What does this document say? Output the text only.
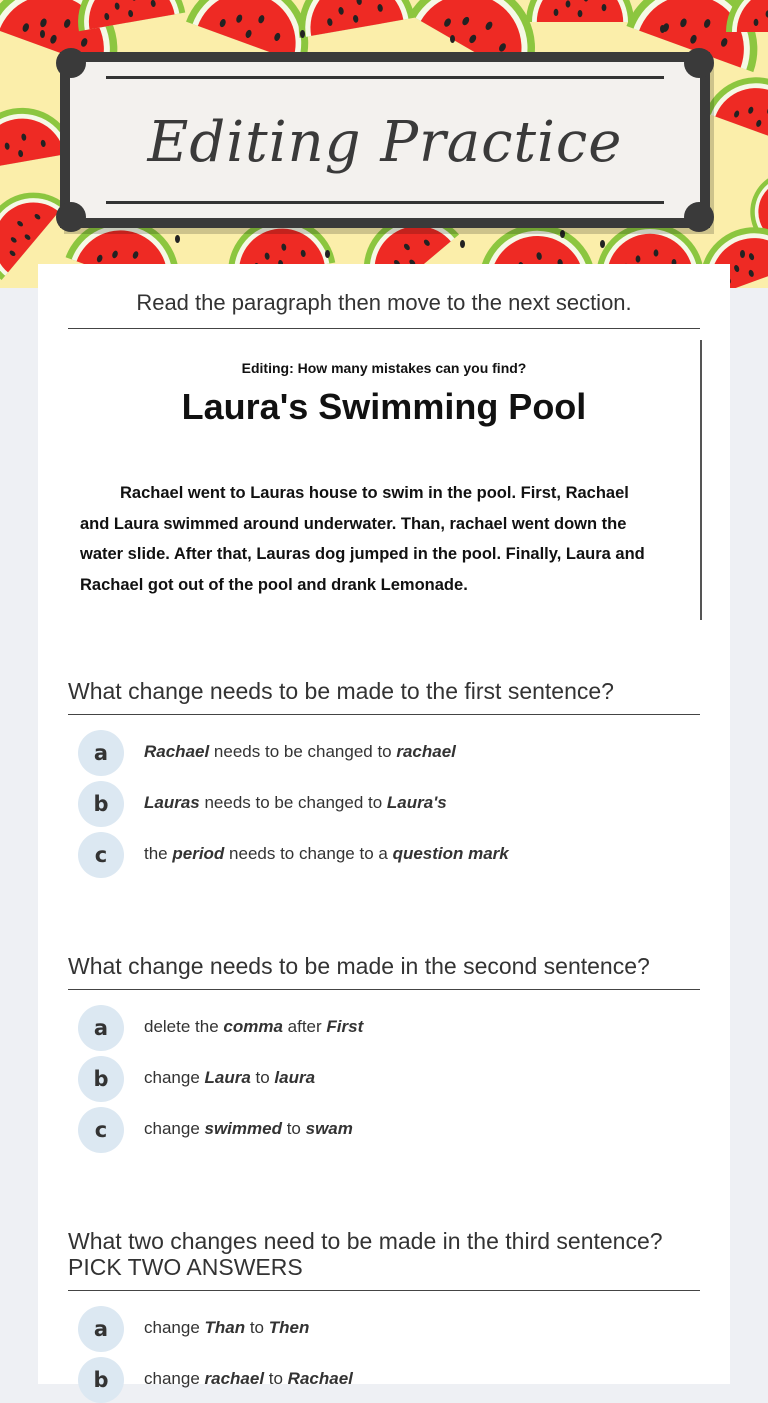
Editing Practice
Read the paragraph then move to the next section.
Editing: How many mistakes can you find?
Laura's Swimming Pool
Rachael went to Lauras house to swim in the pool. First, Rachael
and Laura swimmed around underwater. Than, rachael went down the
water slide. After that, Lauras dog jumped in the pool. Finally, Laura and
Rachael got out of the pool and drank Lemonade.
What change needs to be made to the first sentence?
a	Rachael needs to be changed to rachael
b	Lauras needs to be changed to Laura's
c	the period needs to change to a question mark
What change needs to be made in the second sentence?
a	delete the comma after First
b	change Laura to laura
c	change swimmed to swam
What two changes need to be made in the third sentence? PICK TWO ANSWERS
a	change Than to Then
b	change rachael to Rachael
